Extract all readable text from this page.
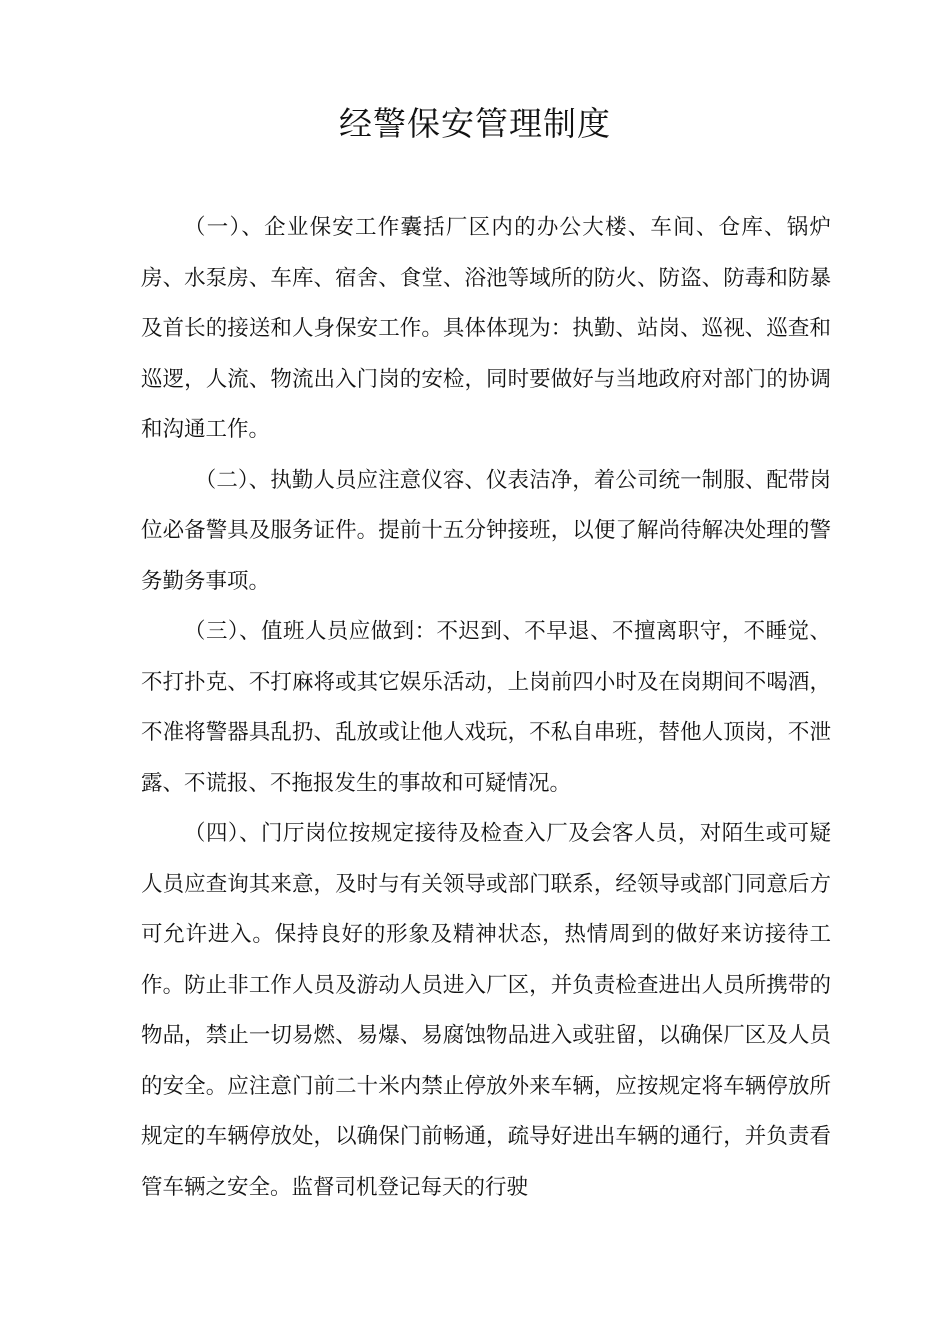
经警保安管理制度

（一）、企业保安工作囊括厂区内的办公大楼、车间、仓库、锅炉房、水泵房、车库、宿舍、食堂、浴池等域所的防火、防盗、防毒和防暴及首长的接送和人身保安工作。具体体现为：执勤、站岗、巡视、巡查和巡逻，人流、物流出入门岗的安检，同时要做好与当地政府对部门的协调和沟通工作。

（二）、执勤人员应注意仪容、仪表洁净，着公司统一制服、配带岗位必备警具及服务证件。提前十五分钟接班，以便了解尚待解决处理的警务勤务事项。

（三）、值班人员应做到：不迟到、不早退、不擅离职守，不睡觉、不打扑克、不打麻将或其它娱乐活动，上岗前四小时及在岗期间不喝酒，不准将警器具乱扔、乱放或让他人戏玩，不私自串班，替他人顶岗，不泄露、不谎报、不拖报发生的事故和可疑情况。

（四）、门厅岗位按规定接待及检查入厂及会客人员，对陌生或可疑人员应查询其来意，及时与有关领导或部门联系，经领导或部门同意后方可允许进入。保持良好的形象及精神状态，热情周到的做好来访接待工作。防止非工作人员及游动人员进入厂区，并负责检查进出人员所携带的物品，禁止一切易燃、易爆、易腐蚀物品进入或驻留，以确保厂区及人员的安全。应注意门前二十米内禁止停放外来车辆，应按规定将车辆停放所规定的车辆停放处，以确保门前畅通，疏导好进出车辆的通行，并负责看管车辆之安全。监督司机登记每天的行驶
